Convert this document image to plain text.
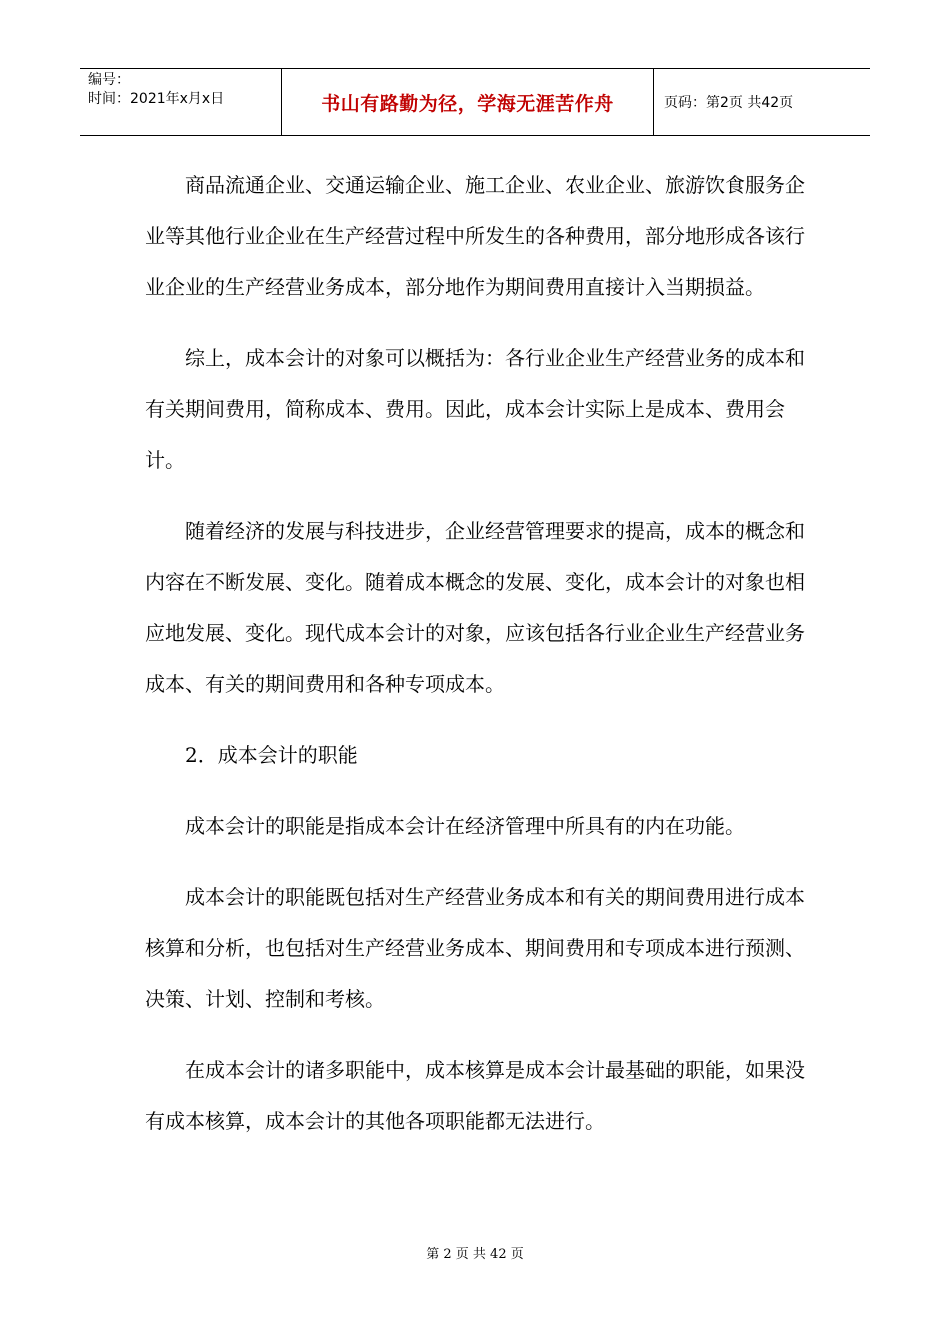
编号：
时间：2021年x月x日	书山有路勤为径，学海无涯苦作舟	页码：第2页 共42页

商品流通企业、交通运输企业、施工企业、农业企业、旅游饮食服务企业等其他行业企业在生产经营过程中所发生的各种费用，部分地形成各该行业企业的生产经营业务成本，部分地作为期间费用直接计入当期损益。

综上，成本会计的对象可以概括为：各行业企业生产经营业务的成本和有关期间费用，简称成本、费用。因此，成本会计实际上是成本、费用会计。

随着经济的发展与科技进步，企业经营管理要求的提高，成本的概念和内容在不断发展、变化。随着成本概念的发展、变化，成本会计的对象也相应地发展、变化。现代成本会计的对象，应该包括各行业企业生产经营业务成本、有关的期间费用和各种专项成本。

2．成本会计的职能

成本会计的职能是指成本会计在经济管理中所具有的内在功能。

成本会计的职能既包括对生产经营业务成本和有关的期间费用进行成本核算和分析，也包括对生产经营业务成本、期间费用和专项成本进行预测、决策、计划、控制和考核。

在成本会计的诸多职能中，成本核算是成本会计最基础的职能，如果没有成本核算，成本会计的其他各项职能都无法进行。

第 2 页 共 42 页
